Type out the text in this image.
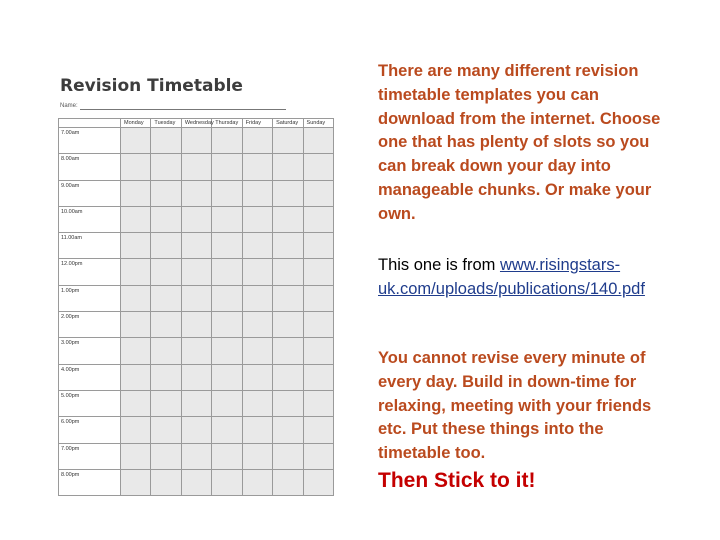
Revision Timetable
Name:
	Monday	Tuesday	Wednesday	Thursday	Friday	Saturday	Sunday
7.00am							
8.00am							
9.00am							
10.00am							
11.00am							
12.00pm							
1.00pm							
2.00pm							
3.00pm							
4.00pm							
5.00pm							
6.00pm							
7.00pm							
8.00pm							
There are many different revision timetable templates you can download from the internet. Choose one that has plenty of slots so you can break down your day into manageable chunks. Or make your own.
This one is from www.risingstars-uk.com/uploads/publications/140.pdf
You cannot revise every minute of every day. Build in down-time for relaxing, meeting with your friends etc. Put these things into the timetable too.
Then Stick to it!
